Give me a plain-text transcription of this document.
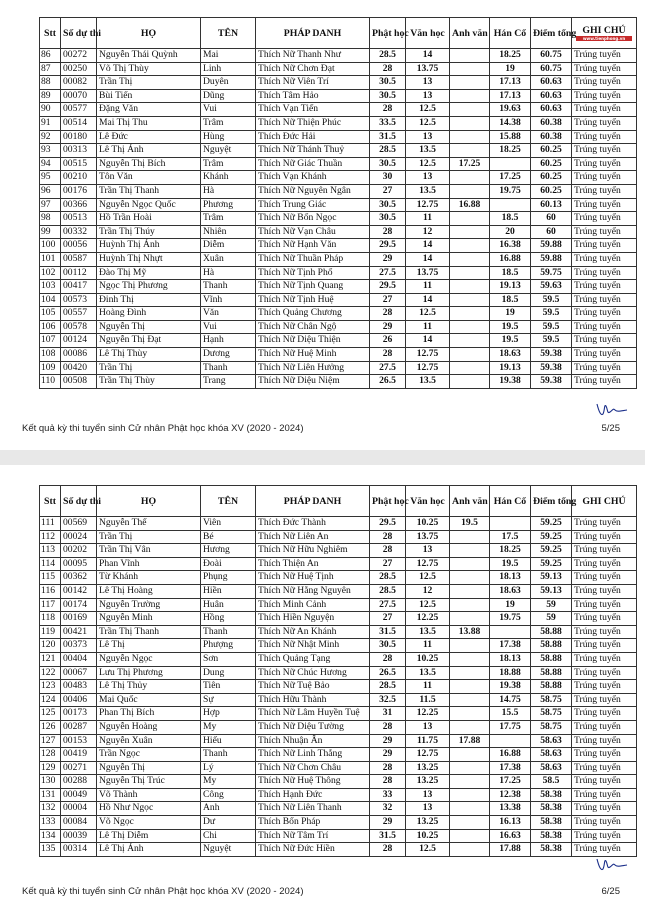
Stt	Số dự thi	HỌ	TÊN	PHÁP DANH	Phật học	Văn học	Anh văn	Hán Cổ	Điểm tổng	GHI CHÚ
www.tienphong.vn

86	00272	Nguyễn Thái Quỳnh	Mai	Thích Nữ Thanh Như	28.5	14		18.25	60.75	Trúng tuyển
87	00250	Võ Thị Thùy	Linh	Thích Nữ Chơn Đạt	28	13.75		19	60.75	Trúng tuyển
88	00082	Trần Thị	Duyên	Thích Nữ Viên Trí	30.5	13		17.13	60.63	Trúng tuyển
89	00070	Bùi Tiến	Dũng	Thích Tâm Hảo	30.5	13		17.13	60.63	Trúng tuyển
90	00577	Đặng Văn	Vui	Thích Vạn Tiến	28	12.5		19.63	60.63	Trúng tuyển
91	00514	Mai Thị Thu	Trâm	Thích Nữ Thiện Phúc	33.5	12.5		14.38	60.38	Trúng tuyển
92	00180	Lê Đức	Hùng	Thích Đức Hải	31.5	13		15.88	60.38	Trúng tuyển
93	00313	Lê Thị Ánh	Nguyệt	Thích Nữ Thánh Thuỷ	28.5	13.5		18.25	60.25	Trúng tuyển
94	00515	Nguyễn Thị Bích	Trâm	Thích Nữ Giác Thuần	30.5	12.5	17.25		60.25	Trúng tuyển
95	00210	Tôn Văn	Khánh	Thích Vạn Khánh	30	13		17.25	60.25	Trúng tuyển
96	00176	Trần Thị Thanh	Hà	Thích Nữ Nguyên Ngân	27	13.5		19.75	60.25	Trúng tuyển
97	00366	Nguyễn Ngọc Quốc	Phương	Thích Trung Giác	30.5	12.75	16.88		60.13	Trúng tuyển
98	00513	Hồ Trần Hoài	Trâm	Thích Nữ Bổn Ngọc	30.5	11		18.5	60	Trúng tuyển
99	00332	Trần Thị Thúy	Nhiên	Thích Nữ Vạn Châu	28	12		20	60	Trúng tuyển
100	00056	Huỳnh Thị Ánh	Diễm	Thích Nữ Hạnh Văn	29.5	14		16.38	59.88	Trúng tuyển
101	00587	Huỳnh Thị Nhựt	Xuân	Thích Nữ Thuần Pháp	29	14		16.88	59.88	Trúng tuyển
102	00112	Đào Thị Mỹ	Hà	Thích Nữ Tịnh Phổ	27.5	13.75		18.5	59.75	Trúng tuyển
103	00417	Ngọc Thị Phương	Thanh	Thích Nữ Tịnh Quang	29.5	11		19.13	59.63	Trúng tuyển
104	00573	Đinh Thị	Vĩnh	Thích Nữ Tịnh Huệ	27	14		18.5	59.5	Trúng tuyển
105	00557	Hoàng Đình	Văn	Thích Quảng Chương	28	12.5		19	59.5	Trúng tuyển
106	00578	Nguyễn Thị	Vui	Thích Nữ Chân Ngộ	29	11		19.5	59.5	Trúng tuyển
107	00124	Nguyễn Thị Đạt	Hạnh	Thích Nữ Diệu Thiện	26	14		19.5	59.5	Trúng tuyển
108	00086	Lê Thị Thùy	Dương	Thích Nữ Huệ Minh	28	12.75		18.63	59.38	Trúng tuyển
109	00420	Trần Thị	Thanh	Thích Nữ Liên Hưởng	27.5	12.75		19.13	59.38	Trúng tuyển
110	00508	Trần Thị Thùy	Trang	Thích Nữ Diệu Niệm	26.5	13.5		19.38	59.38	Trúng tuyển
Kết quả kỳ thi tuyển sinh Cử nhân Phật học khóa XV (2020 - 2024)	5/25
Stt	Số dự thi	HỌ	TÊN	PHÁP DANH	Phật học	Văn học	Anh văn	Hán Cổ	Điểm tổng	GHI CHÚ
111	00569	Nguyễn Thế	Viên	Thích Đức Thành	29.5	10.25	19.5		59.25	Trúng tuyển
112	00024	Trần Thị	Bé	Thích Nữ Liên An	28	13.75		17.5	59.25	Trúng tuyển
113	00202	Trần Thị Vân	Hương	Thích Nữ Hữu Nghiêm	28	13		18.25	59.25	Trúng tuyển
114	00095	Phan Vĩnh	Đoài	Thích Thiện An	27	12.75		19.5	59.25	Trúng tuyển
115	00362	Từ Khánh	Phụng	Thích Nữ Huệ Tịnh	28.5	12.5		18.13	59.13	Trúng tuyển
116	00142	Lê Thị Hoàng	Hiền	Thích Nữ Hằng Nguyên	28.5	12		18.63	59.13	Trúng tuyển
117	00174	Nguyễn Trường	Huân	Thích Minh Cảnh	27.5	12.5		19	59	Trúng tuyển
118	00169	Nguyễn Minh	Hồng	Thích Hiền Nguyện	27	12.25		19.75	59	Trúng tuyển
119	00421	Trần Thị Thanh	Thanh	Thích Nữ An Khánh	31.5	13.5	13.88		58.88	Trúng tuyển
120	00373	Lê Thị	Phượng	Thích Nữ Nhật Minh	30.5	11		17.38	58.88	Trúng tuyển
121	00404	Nguyễn Ngọc	Sơn	Thích Quảng Tạng	28	10.25		18.13	58.88	Trúng tuyển
122	00067	Lưu Thị Phương	Dung	Thích Nữ Chúc Hương	26.5	13.5		18.88	58.88	Trúng tuyển
123	00483	Lê Thị Thủy	Tiên	Thích Nữ Tuệ Bảo	28.5	11		19.38	58.88	Trúng tuyển
124	00406	Mai Quốc	Sự	Thích Hữu Thành	32.5	11.5		14.75	58.75	Trúng tuyển
125	00173	Phan Thị Bích	Hợp	Thích Nữ Lâm Huyền Tuệ	31	12.25		15.5	58.75	Trúng tuyển
126	00287	Nguyễn Hoàng	My	Thích Nữ Diệu Tường	28	13		17.75	58.75	Trúng tuyển
127	00153	Nguyễn Xuân	Hiếu	Thích Nhuận Ân	29	11.75	17.88		58.63	Trúng tuyển
128	00419	Trần Ngọc	Thanh	Thích Nữ Linh Thắng	29	12.75		16.88	58.63	Trúng tuyển
129	00271	Nguyễn Thị	Lý	Thích Nữ Chơn Châu	28	13.25		17.38	58.63	Trúng tuyển
130	00288	Nguyễn Thị Trúc	My	Thích Nữ Huệ Thông	28	13.25		17.25	58.5	Trúng tuyển
131	00049	Võ Thành	Công	Thích Hạnh Đức	33	13		12.38	58.38	Trúng tuyển
132	00004	Hồ Như Ngọc	Anh	Thích Nữ Liên Thanh	32	13		13.38	58.38	Trúng tuyển
133	00084	Võ Ngọc	Dư	Thích Bổn Pháp	29	13.25		16.13	58.38	Trúng tuyển
134	00039	Lê Thị Diễm	Chi	Thích Nữ Tâm Trí	31.5	10.25		16.63	58.38	Trúng tuyển
135	00314	Lê Thị Ánh	Nguyệt	Thích Nữ Đức Hiền	28	12.5		17.88	58.38	Trúng tuyển
Kết quả kỳ thi tuyển sinh Cử nhân Phật học khóa XV (2020 - 2024)	6/25
